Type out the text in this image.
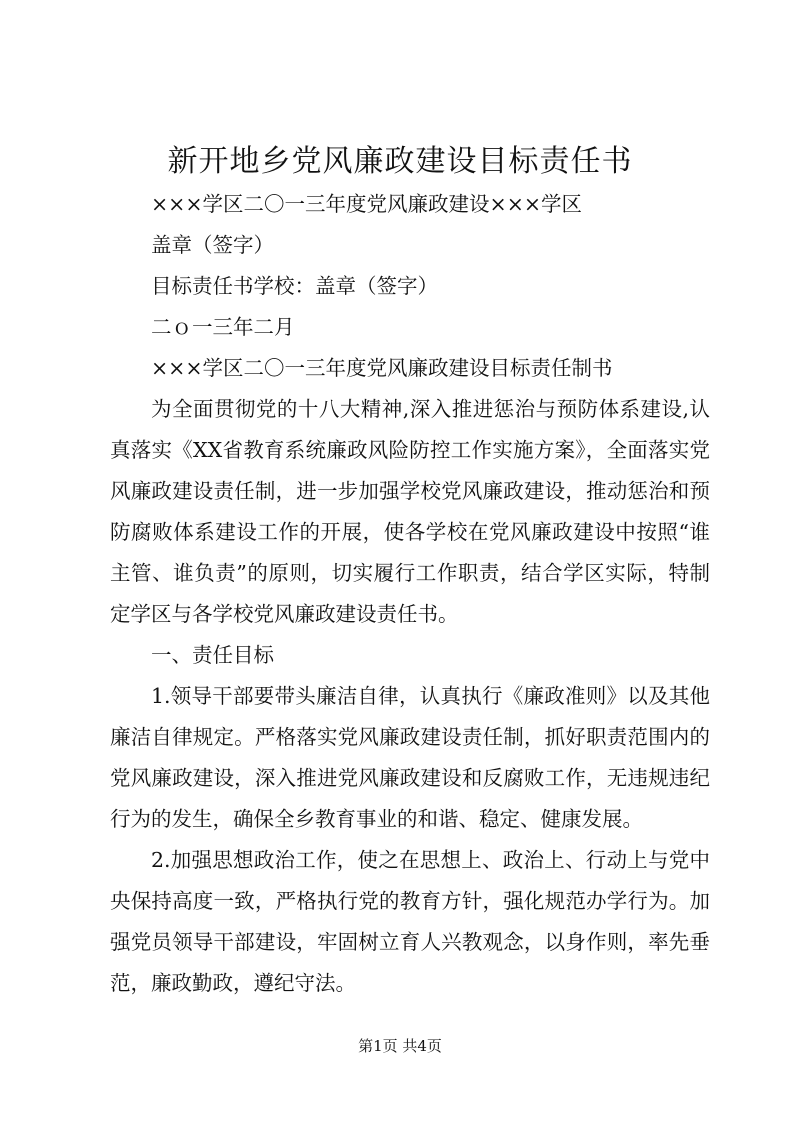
新开地乡党风廉政建设目标责任书

×××学区二〇一三年度党风廉政建设×××学区

盖章（签字）

目标责任书学校：盖章（签字）

二ｏ一三年二月

×××学区二〇一三年度党风廉政建设目标责任制书

为全面贯彻党的十八大精神,深入推进惩治与预防体系建设,认真落实《XX省教育系统廉政风险防控工作实施方案》，全面落实党风廉政建设责任制，进一步加强学校党风廉政建设，推动惩治和预防腐败体系建设工作的开展，使各学校在党风廉政建设中按照“谁主管、谁负责”的原则，切实履行工作职责，结合学区实际，特制定学区与各学校党风廉政建设责任书。

一、责任目标

1.领导干部要带头廉洁自律，认真执行《廉政准则》以及其他廉洁自律规定。严格落实党风廉政建设责任制，抓好职责范围内的党风廉政建设，深入推进党风廉政建设和反腐败工作，无违规违纪行为的发生，确保全乡教育事业的和谐、稳定、健康发展。

2.加强思想政治工作，使之在思想上、政治上、行动上与党中央保持高度一致，严格执行党的教育方针，强化规范办学行为。加强党员领导干部建设，牢固树立育人兴教观念，以身作则，率先垂范，廉政勤政，遵纪守法。

第1页 共4页
